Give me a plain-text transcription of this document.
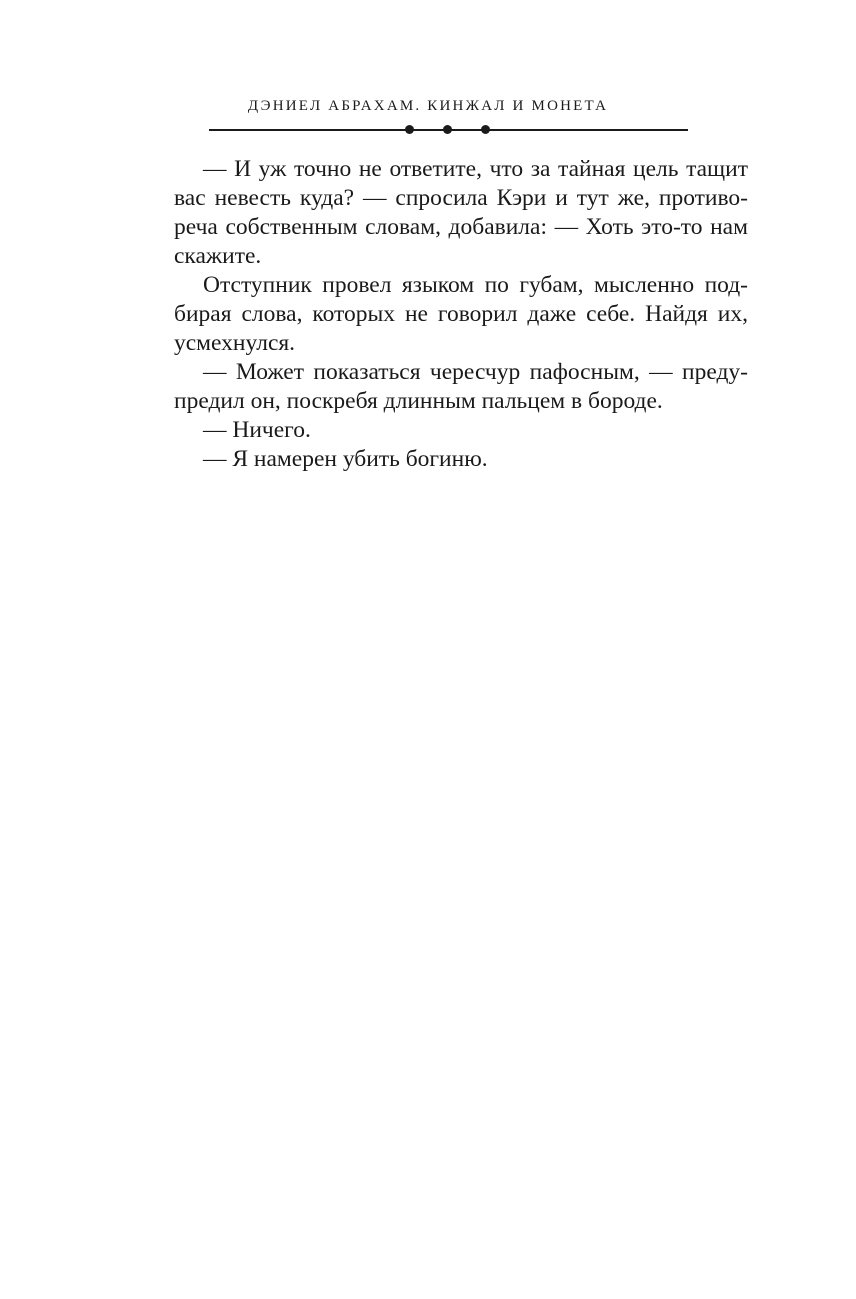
ДЭНИЕЛ АБРАХАМ. КИНЖАЛ И МОНЕТА
— И уж точно не ответите, что за тайная цель тащит
вас невесть куда? — спросила Кэри и тут же, противо-
реча собственным словам, добавила: — Хоть это-то нам
скажите.
Отступник провел языком по губам, мысленно под-
бирая слова, которых не говорил даже себе. Найдя их,
усмехнулся.
— Может показаться чересчур пафосным, — преду-
предил он, поскребя длинным пальцем в бороде.
— Ничего.
— Я намерен убить богиню.
